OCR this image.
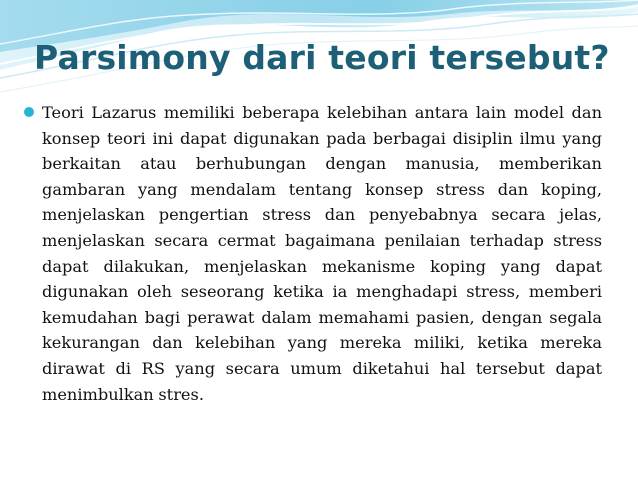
Parsimony dari teori tersebut?

Teori Lazarus memiliki beberapa kelebihan antara lain model dan konsep teori ini dapat digunakan pada berbagai disiplin ilmu yang berkaitan atau berhubungan dengan manusia, memberikan gambaran yang mendalam tentang konsep stress dan koping, menjelaskan pengertian stress dan penyebabnya secara jelas, menjelaskan secara cermat bagaimana penilaian terhadap stress dapat dilakukan, menjelaskan mekanisme koping yang dapat digunakan oleh seseorang ketika ia menghadapi stress, memberi kemudahan bagi perawat dalam memahami pasien, dengan segala kekurangan dan kelebihan yang mereka miliki, ketika mereka dirawat di RS yang secara umum diketahui hal tersebut dapat menimbulkan stres.
